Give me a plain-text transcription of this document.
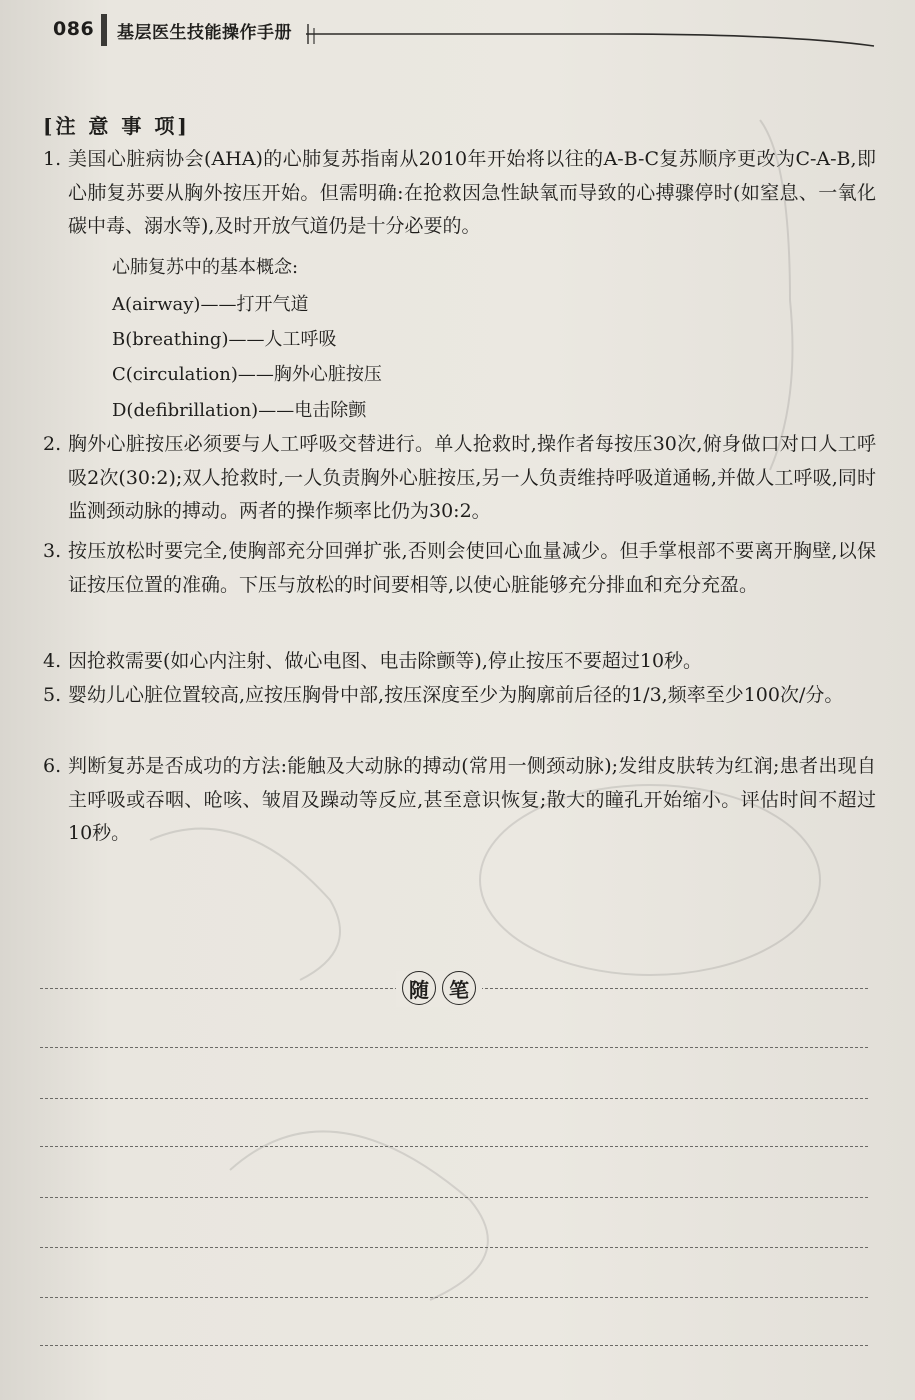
086 基层医生技能操作手册
[注 意 事 项]
1. 美国心脏病协会(AHA)的心肺复苏指南从2010年开始将以往的A-B-C复苏顺序更改为C-A-B,即心肺复苏要从胸外按压开始。但需明确:在抢救因急性缺氧而导致的心搏骤停时(如窒息、一氧化碳中毒、溺水等),及时开放气道仍是十分必要的。
心肺复苏中的基本概念:
A(airway)——打开气道
B(breathing)——人工呼吸
C(circulation)——胸外心脏按压
D(defibrillation)——电击除颤
2. 胸外心脏按压必须要与人工呼吸交替进行。单人抢救时,操作者每按压30次,俯身做口对口人工呼吸2次(30:2);双人抢救时,一人负责胸外心脏按压,另一人负责维持呼吸道通畅,并做人工呼吸,同时监测颈动脉的搏动。两者的操作频率比仍为30:2。
3. 按压放松时要完全,使胸部充分回弹扩张,否则会使回心血量减少。但手掌根部不要离开胸壁,以保证按压位置的准确。下压与放松的时间要相等,以使心脏能够充分排血和充分充盈。
4. 因抢救需要(如心内注射、做心电图、电击除颤等),停止按压不要超过10秒。
5. 婴幼儿心脏位置较高,应按压胸骨中部,按压深度至少为胸廓前后径的1/3,频率至少100次/分。
6. 判断复苏是否成功的方法:能触及大动脉的搏动(常用一侧颈动脉);发绀皮肤转为红润;患者出现自主呼吸或吞咽、呛咳、皱眉及躁动等反应,甚至意识恢复;散大的瞳孔开始缩小。评估时间不超过10秒。
随	笔
